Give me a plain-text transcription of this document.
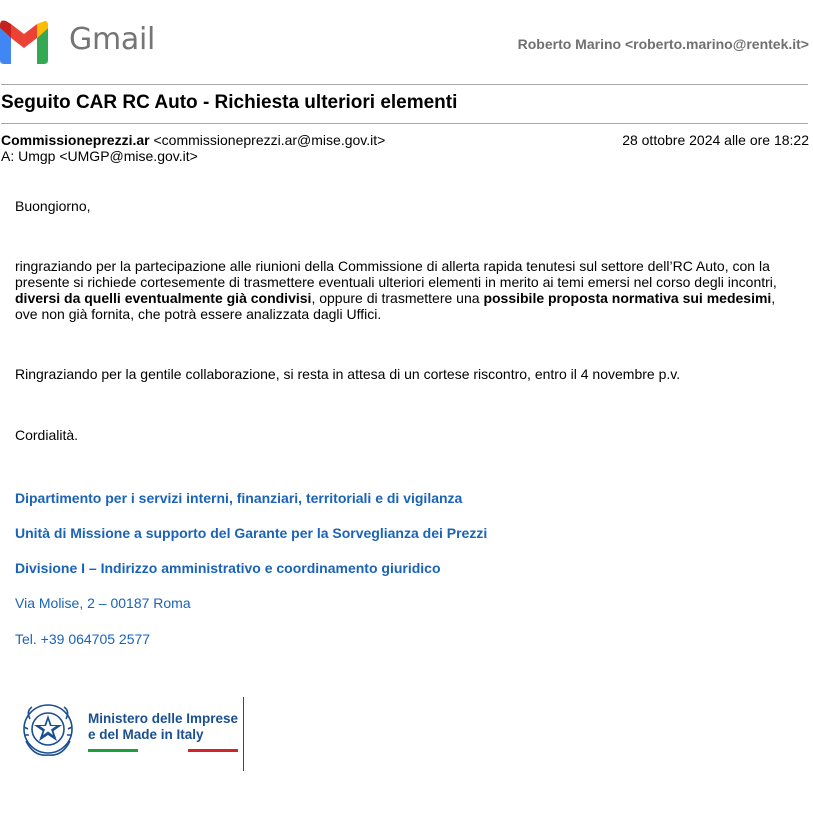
Gmail	Roberto Marino <roberto.marino@rentek.it>
Seguito CAR RC Auto - Richiesta ulteriori elementi
Commissioneprezzi.ar <commissioneprezzi.ar@mise.gov.it>	28 ottobre 2024 alle ore 18:22
A: Umgp <UMGP@mise.gov.it>
Buongiorno,
ringraziando per la partecipazione alle riunioni della Commissione di allerta rapida tenutesi sul settore dell’RC Auto, con la presente si richiede cortesemente di trasmettere eventuali ulteriori elementi in merito ai temi emersi nel corso degli incontri, diversi da quelli eventualmente già condivisi, oppure di trasmettere una possibile proposta normativa sui medesimi, ove non già fornita, che potrà essere analizzata dagli Uffici.
Ringraziando per la gentile collaborazione, si resta in attesa di un cortese riscontro, entro il 4 novembre p.v.
Cordialità.
Dipartimento per i servizi interni, finanziari, territoriali e di vigilanza
Unità di Missione a supporto del Garante per la Sorveglianza dei Prezzi
Divisione I – Indirizzo amministrativo e coordinamento giuridico
Via Molise, 2 – 00187 Roma
Tel. +39 064705 2577
Ministero delle Imprese
e del Made in Italy
